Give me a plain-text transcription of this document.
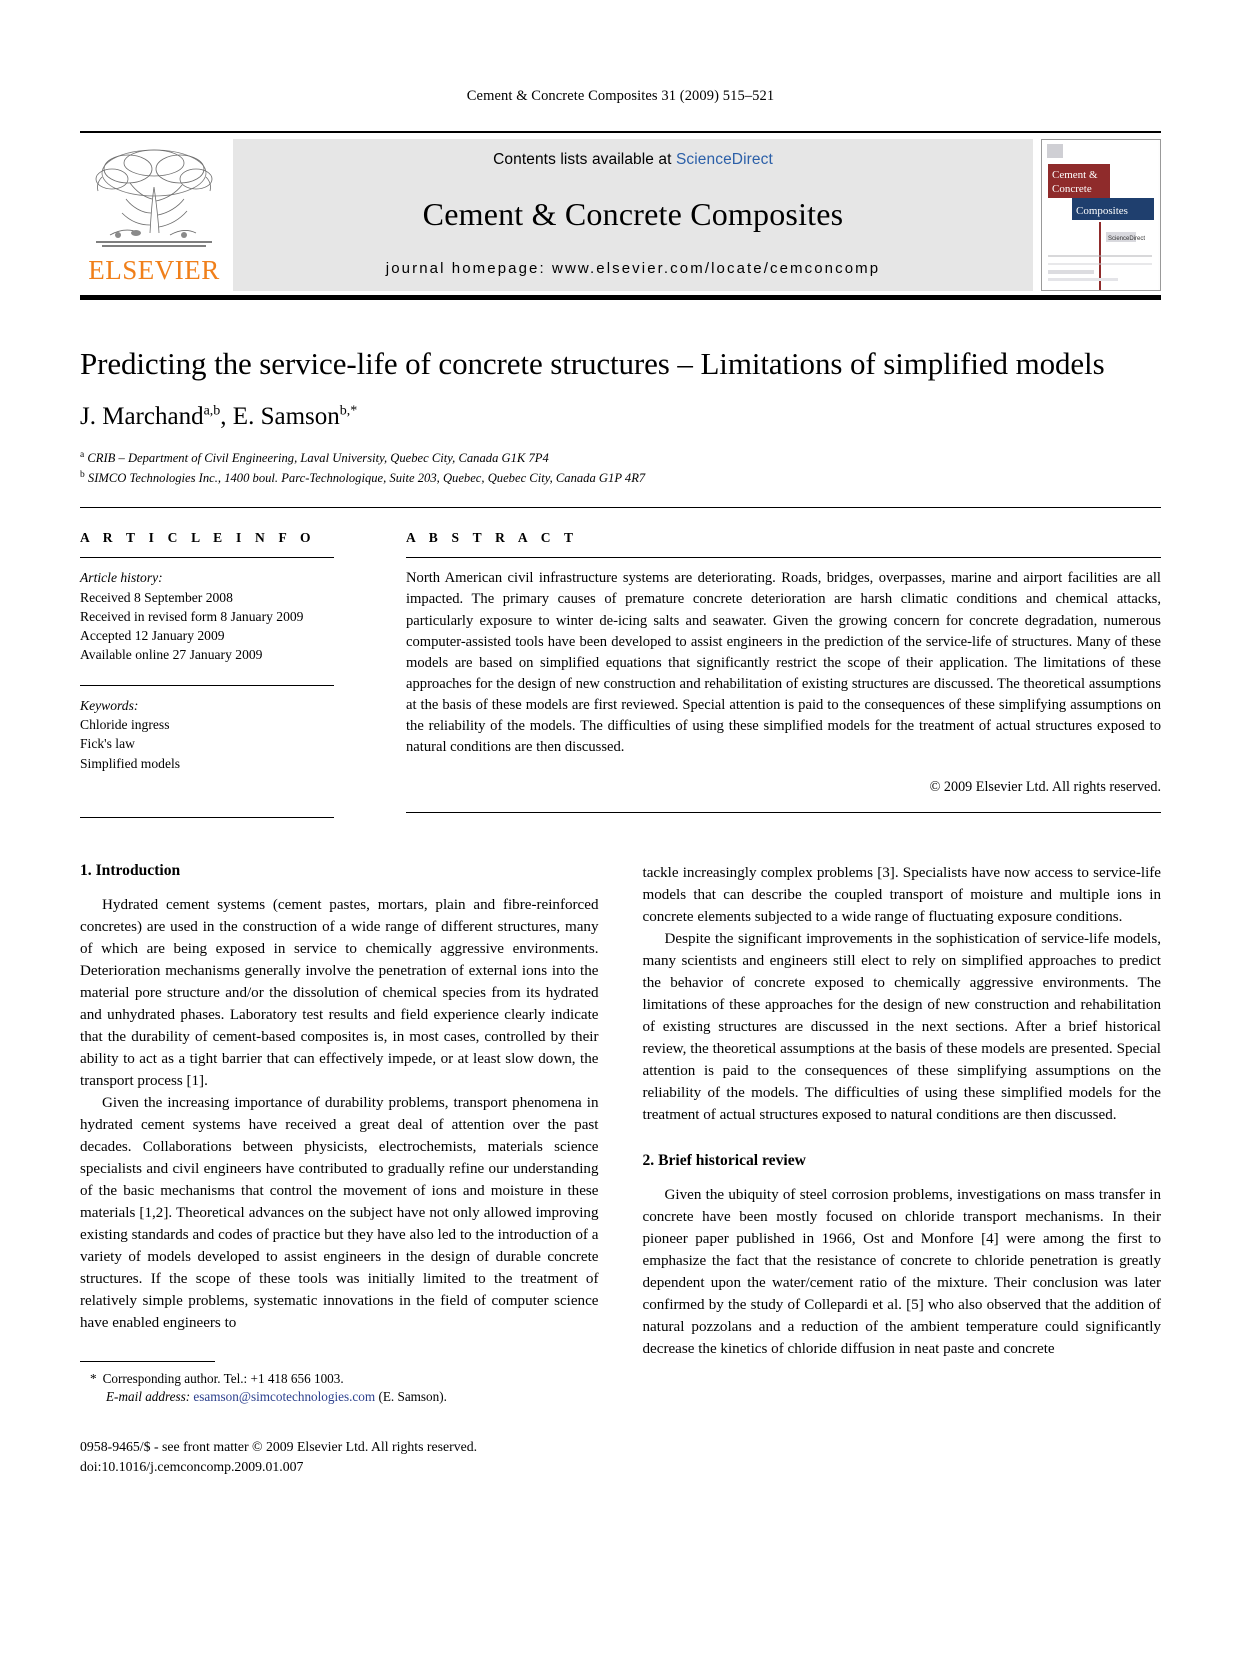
Cement & Concrete Composites 31 (2009) 515–521
ELSEVIER
Contents lists available at ScienceDirect
Cement & Concrete Composites
journal homepage: www.elsevier.com/locate/cemconcomp
Cement &
Concrete
Composites
ScienceDirect
Predicting the service-life of concrete structures – Limitations of simplified models
J. Marchand$^{a,b}$, E. Samson$^{b,*}$
$^a$ CRIB – Department of Civil Engineering, Laval University, Quebec City, Canada G1K 7P4
$^b$ SIMCO Technologies Inc., 1400 boul. Parc-Technologique, Suite 203, Quebec, Quebec City, Canada G1P 4R7
A R T I C L E I N F O
Article history:
Received 8 September 2008
Received in revised form 8 January 2009
Accepted 12 January 2009
Available online 27 January 2009
Keywords:
Chloride ingress
Fick's law
Simplified models
A B S T R A C T
North American civil infrastructure systems are deteriorating. Roads, bridges, overpasses, marine and airport facilities are all impacted. The primary causes of premature concrete deterioration are harsh climatic conditions and chemical attacks, particularly exposure to winter de-icing salts and seawater. Given the growing concern for concrete degradation, numerous computer-assisted tools have been developed to assist engineers in the prediction of the service-life of structures. Many of these models are based on simplified equations that significantly restrict the scope of their application. The limitations of these approaches for the design of new construction and rehabilitation of existing structures are discussed. The theoretical assumptions at the basis of these models are first reviewed. Special attention is paid to the consequences of these simplifying assumptions on the reliability of the models. The difficulties of using these simplified models for the treatment of actual structures exposed to natural conditions are then discussed.
© 2009 Elsevier Ltd. All rights reserved.
1. Introduction

Hydrated cement systems (cement pastes, mortars, plain and fibre-reinforced concretes) are used in the construction of a wide range of different structures, many of which are being exposed in service to chemically aggressive environments. Deterioration mechanisms generally involve the penetration of external ions into the material pore structure and/or the dissolution of chemical species from its hydrated and unhydrated phases. Laboratory test results and field experience clearly indicate that the durability of cement-based composites is, in most cases, controlled by their ability to act as a tight barrier that can effectively impede, or at least slow down, the transport process [1].

Given the increasing importance of durability problems, transport phenomena in hydrated cement systems have received a great deal of attention over the past decades. Collaborations between physicists, electrochemists, materials science specialists and civil engineers have contributed to gradually refine our understanding of the basic mechanisms that control the movement of ions and moisture in these materials [1,2]. Theoretical advances on the subject have not only allowed improving existing standards and codes of practice but they have also led to the introduction of a variety of models developed to assist engineers in the design of durable concrete structures. If the scope of these tools was initially limited to the treatment of relatively simple problems, systematic innovations in the field of computer science have enabled engineers to

* Corresponding author. Tel.: +1 418 656 1003.
E-mail address: esamson@simcotechnologies.com (E. Samson).
0958-9465/$ - see front matter © 2009 Elsevier Ltd. All rights reserved.
doi:10.1016/j.cemconcomp.2009.01.007

tackle increasingly complex problems [3]. Specialists have now access to service-life models that can describe the coupled transport of moisture and multiple ions in concrete elements subjected to a wide range of fluctuating exposure conditions.

Despite the significant improvements in the sophistication of service-life models, many scientists and engineers still elect to rely on simplified approaches to predict the behavior of concrete exposed to chemically aggressive environments. The limitations of these approaches for the design of new construction and rehabilitation of existing structures are discussed in the next sections. After a brief historical review, the theoretical assumptions at the basis of these models are presented. Special attention is paid to the consequences of these simplifying assumptions on the reliability of the models. The difficulties of using these simplified models for the treatment of actual structures exposed to natural conditions are then discussed.

2. Brief historical review

Given the ubiquity of steel corrosion problems, investigations on mass transfer in concrete have been mostly focused on chloride transport mechanisms. In their pioneer paper published in 1966, Ost and Monfore [4] were among the first to emphasize the fact that the resistance of concrete to chloride penetration is greatly dependent upon the water/cement ratio of the mixture. Their conclusion was later confirmed by the study of Collepardi et al. [5] who also observed that the addition of natural pozzolans and a reduction of the ambient temperature could significantly decrease the kinetics of chloride diffusion in neat paste and concrete
